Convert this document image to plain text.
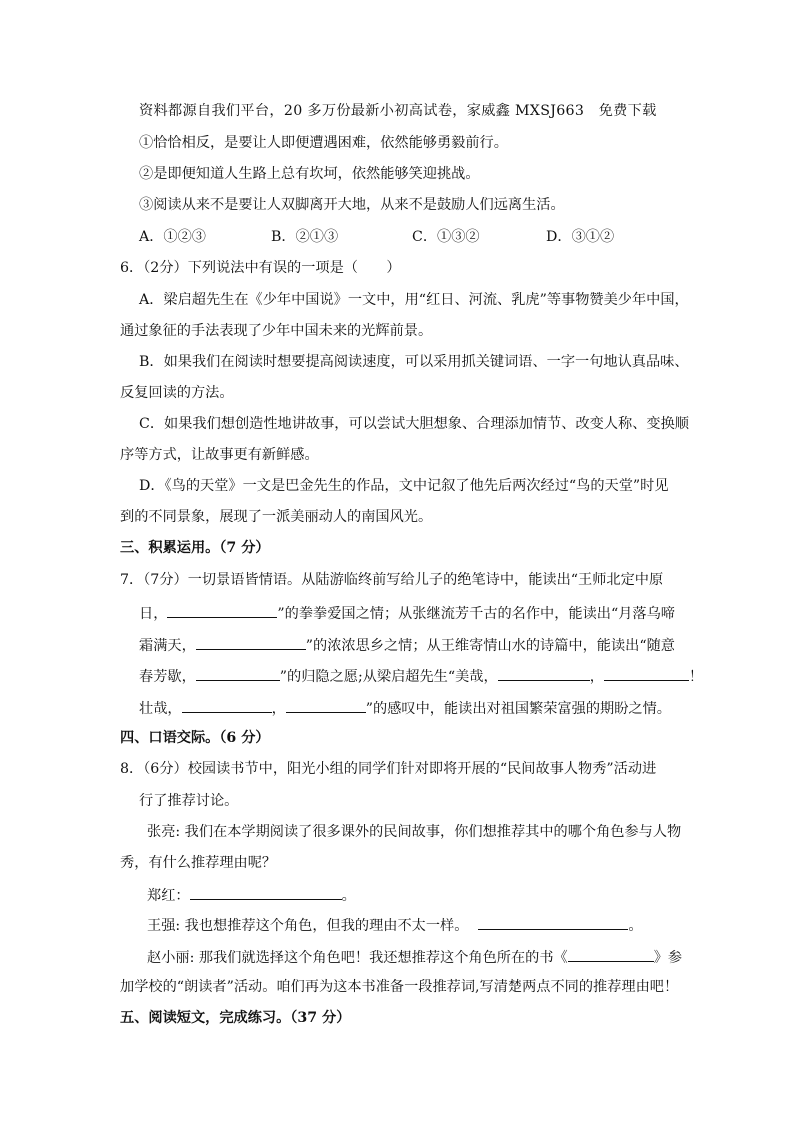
资料都源自我们平台，20 多万份最新小初高试卷，家威鑫 MXSJ663　免费下载
①恰恰相反，是要让人即便遭遇困难，依然能够勇毅前行。
②是即便知道人生路上总有坎坷，依然能够笑迎挑战。
③阅读从来不是要让人双脚离开大地，从来不是鼓励人们远离生活。
A．①②③	B．②①③	C．①③②	D．③①②
6．（2分）下列说法中有误的一项是（　　）
A．梁启超先生在《少年中国说》一文中，用“红日、河流、乳虎”等事物赞美少年中国，
通过象征的手法表现了少年中国未来的光辉前景。
B．如果我们在阅读时想要提高阅读速度，可以采用抓关键词语、一字一句地认真品味、
反复回读的方法。
C．如果我们想创造性地讲故事，可以尝试大胆想象、合理添加情节、改变人称、变换顺
序等方式，让故事更有新鲜感。
D．《鸟的天堂》一文是巴金先生的作品，文中记叙了他先后两次经过“鸟的天堂”时见
到的不同景象，展现了一派美丽动人的南国风光。
三、积累运用。（7 分）
7．（7分）一切景语皆情语。从陆游临终前写给儿子的绝笔诗中，能读出“王师北定中原
日，	”的拳拳爱国之情；从张继流芳千古的名作中，能读出“月落乌啼
霜满天，	”的浓浓思乡之情；从王维寄情山水的诗篇中，能读出“随意
春芳歇，	”的归隐之愿;从梁启超先生“美哉，	，	！
壮哉，	，	”的感叹中，能读出对祖国繁荣富强的期盼之情。
四、口语交际。（6 分）
8．（6分）校园读书节中，阳光小组的同学们针对即将开展的“民间故事人物秀”活动进
行了推荐讨论。
张亮: 我们在本学期阅读了很多课外的民间故事，你们想推荐其中的哪个角色参与人物
秀，有什么推荐理由呢？
郑红：	。
王强: 我也想推荐这个角色，但我的理由不太一样。	。
赵小丽: 那我们就选择这个角色吧！我还想推荐这个角色所在的书《	》参
加学校的“朗读者”活动。咱们再为这本书准备一段推荐词,写清楚两点不同的推荐理由吧！
五、阅读短文，完成练习。（37 分）
